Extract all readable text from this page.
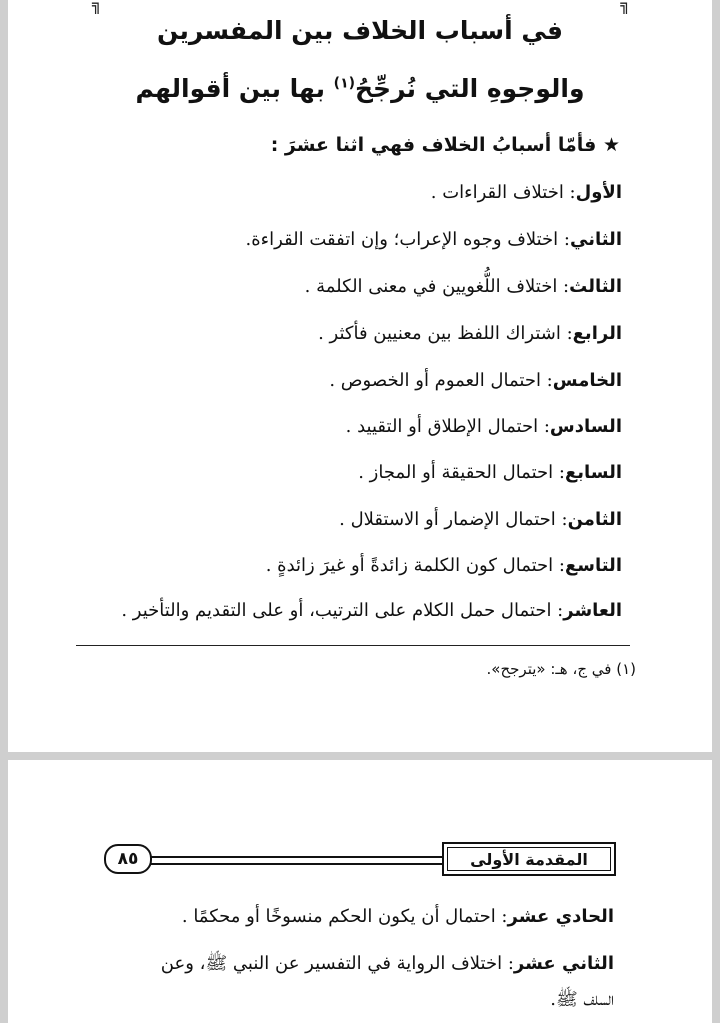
╗
╗
في أسباب الخلاف بين المفسرين
والوجوهِ التي نُرجِّحُ$^{(١)}$ بها بين أقوالهم
★ فأمّا أسبابُ الخلاف فهي اثنا عشرَ :
الأول: اختلاف القراءات .
الثاني: اختلاف وجوه الإعراب؛ وإن اتفقت القراءة.
الثالث: اختلاف اللُّغويين في معنى الكلمة .
الرابع: اشتراك اللفظ بين معنيين فأكثر .
الخامس: احتمال العموم أو الخصوص .
السادس: احتمال الإطلاق أو التقييد .
السابع: احتمال الحقيقة أو المجاز .
الثامن: احتمال الإضمار أو الاستقلال .
التاسع: احتمال كون الكلمة زائدةً أو غيرَ زائدةٍ .
العاشر: احتمال حمل الكلام على الترتيب، أو على التقديم والتأخير .
(١) في ج، هـ: «يترجح».
المقدمة الأولى
٨٥
الحادي عشر: احتمال أن يكون الحكم منسوخًا أو محكمًا .
الثاني عشر: اختلاف الرواية في التفسير عن النبي ﷺ، وعن
السلف ﷺ.
